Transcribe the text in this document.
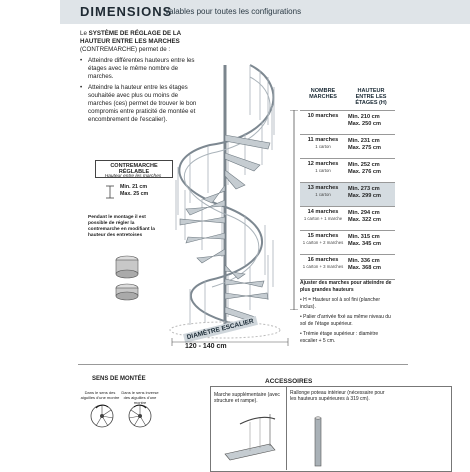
DIMENSIONS
valables pour toutes les configurations
Le SYSTÈME DE RÉGLAGE DE LA HAUTEUR ENTRE LES MARCHES (CONTREMARCHE) permet de :
• Atteindre différentes hauteurs entre les étages avec le même nombre de marches.
• Atteindre la hauteur entre les étages souhaitée avec plus ou moins de marches (ces) permet de trouver le bon compromis entre praticité de montée et encombrement de l'escalier).
NOMBRE MARCHES
HAUTEUR ENTRE LES ÉTAGES (H)
10 marches	Min. 210 cm
Max. 250 cm
11 marches
1 carton
Min. 231 cm
Max. 275 cm
12 marches
1 carton
Min. 252 cm
Max. 276 cm
13 marches
1 carton
Min. 273 cm
Max. 299 cm
14 marches
1 carton + 1 marche
Min. 294 cm
Max. 322 cm
15 marches
1 carton + 2 marches
Min. 315 cm
Max. 345 cm
16 marches
1 carton + 3 marches
Min. 336 cm
Max. 368 cm

Ajuster des marches pour atteindre de plus grandes hauteurs

• H = Hauteur sol à sol fini (plancher inclus).

• Palier d'arrivée fixé au même niveau du sol de l'étage supérieur.

• Trémie étage supérieur : diamètre escalier + 5 cm.

CONTREMARCHE RÉGLABLE
Hauteur entre les marches
Min. 21 cm
Max. 25 cm
Pendant le montage il est possible de régler la contremarche en modifiant la hauteur des entretoises
DIAMÈTRE ESCALIER
120 - 140 cm
SENS DE MONTÉE
Dans le sens des aiguilles d'une montre
Dans le sens inverse des aiguilles d'une montre
ACCESSOIRES
Marche supplémentaire (avec structure et rampe).
Rallonge poteau intérieur (nécessaire pour les hauteurs supérieures à 319 cm).
